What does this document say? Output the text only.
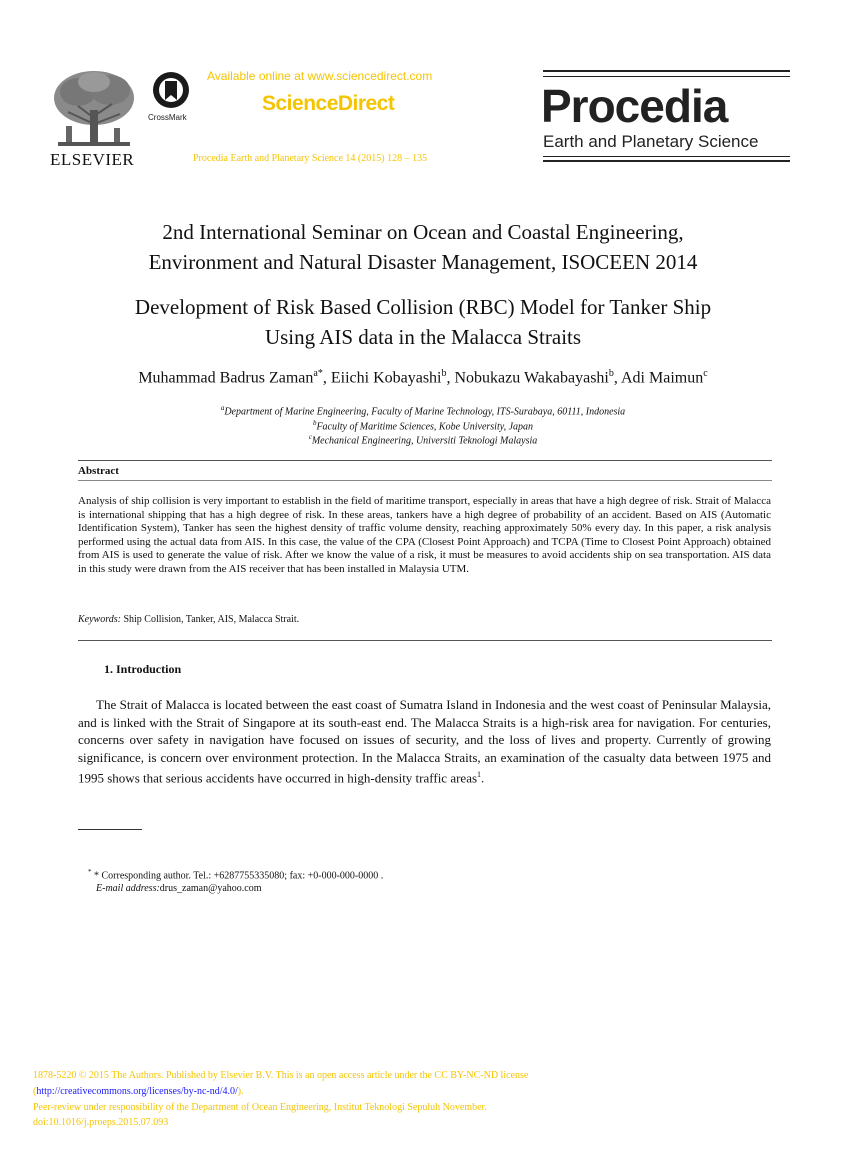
ELSEVIER
CrossMark
Available online at www.sciencedirect.com
ScienceDirect
Procedia Earth and Planetary Science 14 (2015) 128 – 135
Procedia
Earth and Planetary Science
2nd International Seminar on Ocean and Coastal Engineering,
Environment and Natural Disaster Management, ISOCEEN 2014
Development of Risk Based Collision (RBC) Model for Tanker Ship
Using AIS data in the Malacca Straits
Muhammad Badrus Zaman$^{a*}$, Eiichi Kobayashi$^b$, Nobukazu Wakabayashi$^b$, Adi Maimun$^c$
$^a$Department of Marine Engineering, Faculty of Marine Technology, ITS-Surabaya, 60111, Indonesia
$^b$Faculty of Maritime Sciences, Kobe University, Japan
$^c$Mechanical Engineering, Universiti Teknologi Malaysia
Abstract
Analysis of ship collision is very important to establish in the field of maritime transport, especially in areas that have a high degree of risk. Strait of Malacca is international shipping that has a high degree of risk. In these areas, tankers have a high degree of probability of an accident. Based on AIS (Automatic Identification System), Tanker has seen the highest density of traffic volume density, reaching approximately 50% every day. In this paper, a risk analysis performed using the actual data from AIS. In this case, the value of the CPA (Closest Point Approach) and TCPA (Time to Closest Point Approach) obtained from AIS is used to generate the value of risk. After we know the value of a risk, it must be measures to avoid accidents ship on sea transportation. AIS data in this study were drawn from the AIS receiver that has been installed in Malaysia UTM.
Keywords: Ship Collision, Tanker, AIS, Malacca Strait.
1. Introduction
The Strait of Malacca is located between the east coast of Sumatra Island in Indonesia and the west coast of Peninsular Malaysia, and is linked with the Strait of Singapore at its south-east end. The Malacca Straits is a high-risk area for navigation. For centuries, concerns over safety in navigation have focused on issues of security, and the loss of lives and property. Currently of growing significance, is concern over environment protection. In the Malacca Straits, an examination of the casualty data between 1975 and 1995 shows that serious accidents have occurred in high-density traffic areas$^1$.
* * Corresponding author. Tel.: +6287755335080; fax: +0-000-000-0000 .
E-mail address:drus_zaman@yahoo.com
1878-5220 © 2015 The Authors. Published by Elsevier B.V. This is an open access article under the CC BY-NC-ND license
(http://creativecommons.org/licenses/by-nc-nd/4.0/).
Peer-review under responsibility of the Department of Ocean Engineering, Institut Teknologi Sepuluh November.
doi:10.1016/j.proeps.2015.07.093
